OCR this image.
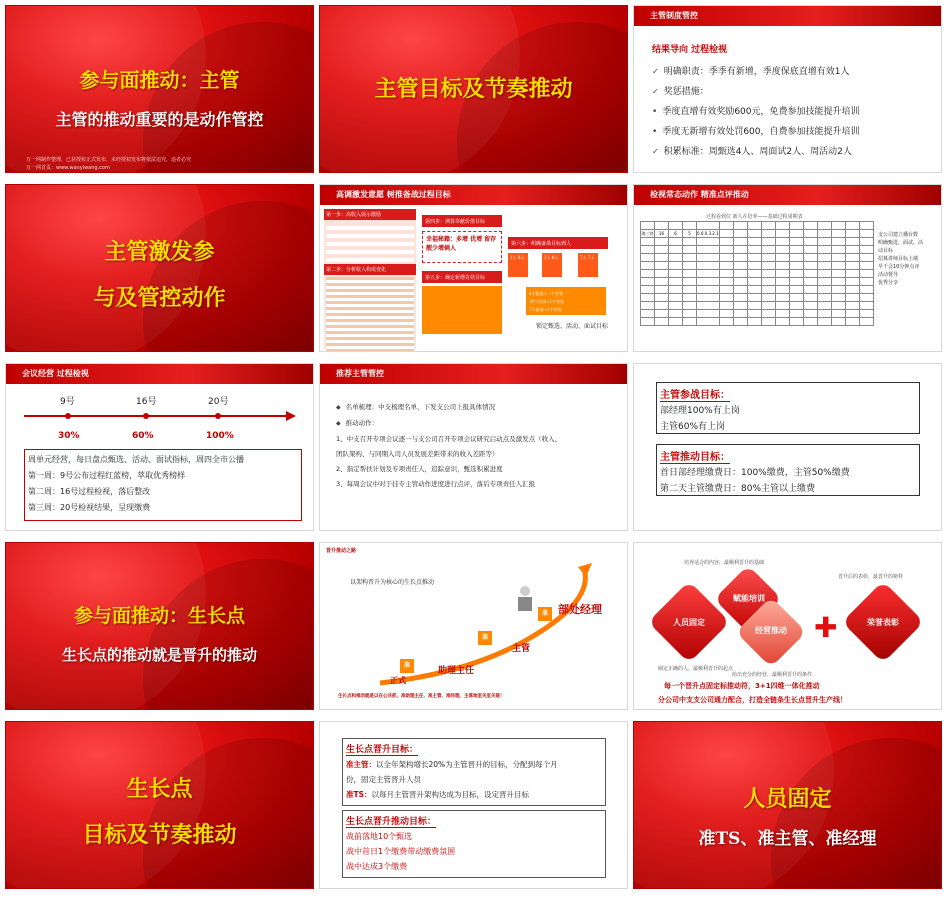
参与面推动：主管
主管的推动重要的是动作管控
万一网制作整理，已获授权正式发布，未经授权发布将依法追究，违者必究
万一网首页：www.wanyiwang.com
主管目标及节奏推动
主管制度管控
结果导向 过程检视
✓ 明确职责：季季有新增，季度保底直增有效1人
✓ 奖惩措施：
• 季度直增有效奖励600元，免费参加技能提升培训
• 季度无新增有效处罚600，自费参加技能提升培训
✓ 积累标准：周甄选4人、周面试2人、周活动2人
主管激发参
与及管控动作
高调激发意愿 树推备战过程目标
第一步：高收入展示激励
第二步：分析收入构成变化
第四步：测算奉献价值目标
幸福秘籍：多增 优增 留存 靓少增俩人
第五步：确定新增有效目标
第六步：明确备战目标到人
1人 6人	1人 6人	7人 7人
4个甄选→一个有效
10个活动→1个有效
7个面试→1个有效
锁定甄选、活动、面试目标
检视常态动作 精准点评推动
过程看到位 新人在培养——基础过程周期表

海三营	16	6	5	0.0.0.3.2.1											

																支公司建立播台数
明确甄选、面试、活
动目标
招募讲师目标上墙
早干会10分钟点评
活动督导
优秀分享
会议经营 过程检视
9号	16号	20号
30%	60%	100%
周单元经营，每日盘点甄选、活动、面试指标，周四全市公播
第一周：9号公布过程红蓝榜，萃取优秀榜样
第二周：16号过程检视，落后整改
第三周：20号检视结果，呈现缴费
推荐主管管控
◆ 名单梳理：中支梳理名单，下发支公司上报具体情况
◆ 推动动作：
1、中支召开专项会议逐一与支公司召开专项会议研究启动点及激发点（收入、
团队架构、与同期入司人员发展差距带来的收入差距等）
2、指定帮扶计划及专项责任人，追踪意识，甄选积累进度
3、每周会议中对于挂专主管动作进度进行点评，落后专项责任人汇报
主管参战目标：
部经理100%有上岗
主管60%有上岗
主管推动目标：
首日部经理缴费日：100%缴费，主管50%缴费
第二天主管缴费日：80%主管以上缴费
参与面推动：生长点
生长点的推动就是晋升的推动
晋升推动之路
以架构晋升为核心的生长点推动
准
准
准
正式
助理主任
主管
部处经理
生长点和推动就是以在公共抓，准助理主任、准主管、准经理，主落地室关室关联！
培养适合的内容，最顺利晋升的基础
晋升后的表彰，最晋升的榜样
人员固定
赋能培训
经营推动 ✚	荣誉表彰
圈定正确的人，最顺利晋升的起点
给出充分的经营，最顺利晋升的条件
每一个晋升点固定标推动符，3+1四维一体化推动
分公司中支支公司通力配合，打造全链条生长点晋升生产线！
生长点
目标及节奏推动
生长点晋升目标：
准主管：以全年架构增长20%为主管晋升的目标，分配到每个月
份，固定主管晋升人员
准TS：以每月主管晋升架构达成为目标，设定晋升目标
生长点晋升推动目标：
战前落地10个甄选
战中首日1个缴费带动缴费氛围
战中达成3个缴费
人员固定
准TS、准主管、准经理
